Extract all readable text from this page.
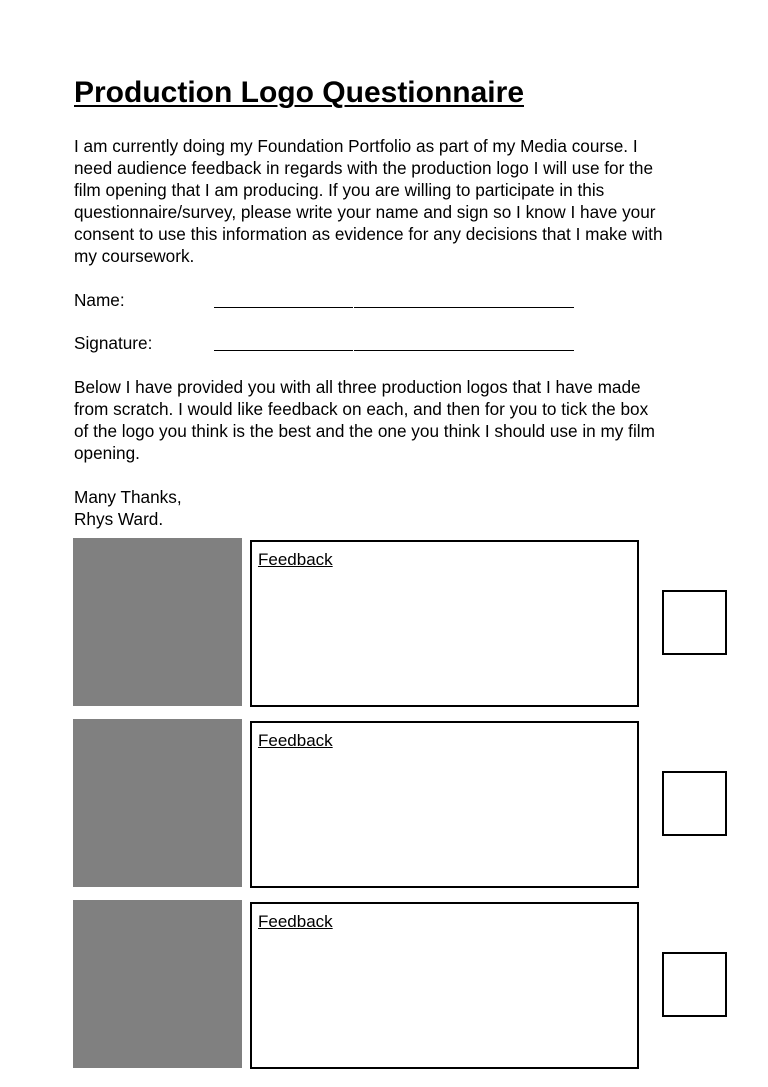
Production Logo Questionnaire

I am currently doing my Foundation Portfolio as part of my Media course. I
need audience feedback in regards with the production logo I will use for the
film opening that I am producing. If you are willing to participate in this
questionnaire/survey, please write your name and sign so I know I have your
consent to use this information as evidence for any decisions that I make with
my coursework.

Name:
Signature:

Below I have provided you with all three production logos that I have made
from scratch. I would like feedback on each, and then for you to tick the box
of the logo you think is the best and the one you think I should use in my film
opening.

Many Thanks,
Rhys Ward.

Feedback
Feedback
Feedback
